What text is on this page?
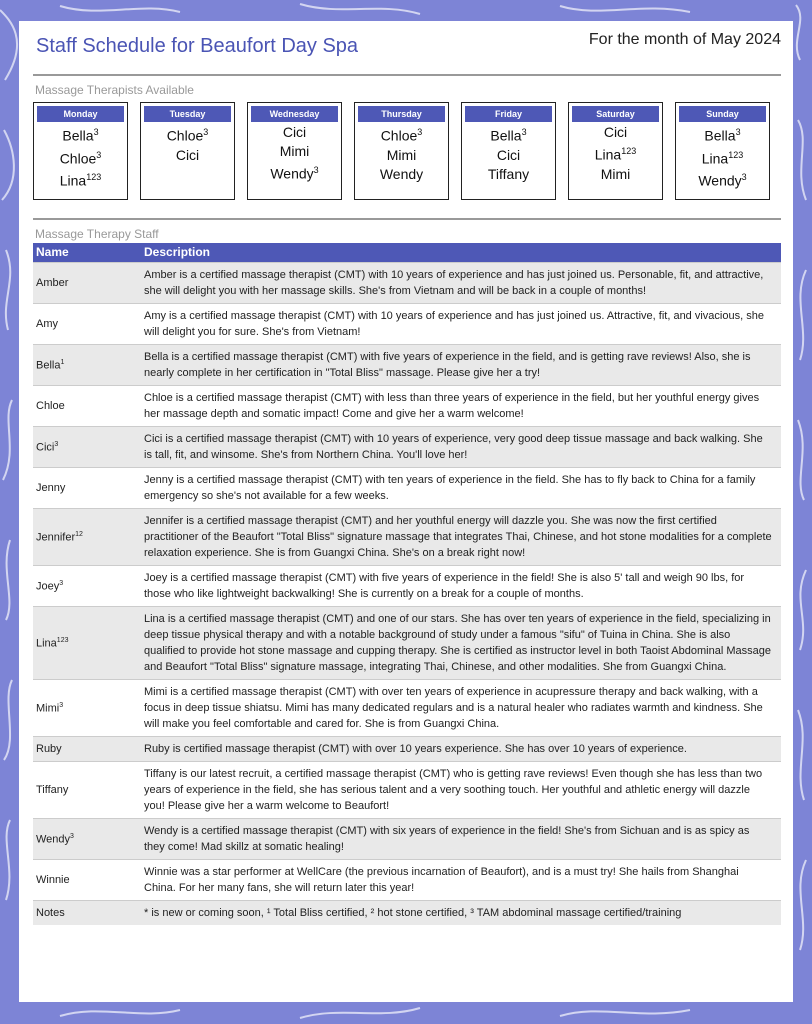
Staff Schedule for Beaufort Day Spa	For the month of May 2024
Massage Therapists Available
Monday
Bella$^3$
Chloe$^3$
Lina$^{123}$
Tuesday
Chloe$^3$
Cici
Wednesday
Cici
Mimi
Wendy$^3$
Thursday
Chloe$^3$
Mimi
Wendy
Friday
Bella$^3$
Cici
Tiffany
Saturday
Cici
Lina$^{123}$
Mimi
Sunday
Bella$^3$
Lina$^{123}$
Wendy$^3$
Massage Therapy Staff
Name	Description
Amber	Amber is a certified massage therapist (CMT) with 10 years of experience and has just joined us. Personable, fit, and attractive, she will delight you with her massage skills. She's from Vietnam and will be back in a couple of months!
Amy	Amy is a certified massage therapist (CMT) with 10 years of experience and has just joined us. Attractive, fit, and vivacious, she will delight you for sure. She's from Vietnam!
Bella$^1$	Bella is a certified massage therapist (CMT) with five years of experience in the field, and is getting rave reviews! Also, she is nearly complete in her certification in "Total Bliss" massage. Please give her a try!
Chloe	Chloe is a certified massage therapist (CMT) with less than three years of experience in the field, but her youthful energy gives her massage depth and somatic impact! Come and give her a warm welcome!
Cici$^3$	Cici is a certified massage therapist (CMT) with 10 years of experience, very good deep tissue massage and back walking. She is tall, fit, and winsome. She's from Northern China. You'll love her!
Jenny	Jenny is a certified massage therapist (CMT) with ten years of experience in the field. She has to fly back to China for a family emergency so she's not available for a few weeks.
Jennifer$^{12}$	Jennifer is a certified massage therapist (CMT) and her youthful energy will dazzle you. She was now the first certified practitioner of the Beaufort "Total Bliss" signature massage that integrates Thai, Chinese, and hot stone modalities for a complete relaxation experience. She is from Guangxi China. She's on a break right now!
Joey$^3$	Joey is a certified massage therapist (CMT) with five years of experience in the field! She is also 5' tall and weigh 90 lbs, for those who like lightweight backwalking! She is currently on a break for a couple of months.
Lina$^{123}$	Lina is a certified massage therapist (CMT) and one of our stars. She has over ten years of experience in the field, specializing in deep tissue physical therapy and with a notable background of study under a famous "sifu" of Tuina in China. She is also qualified to provide hot stone massage and cupping therapy. She is certified as instructor level in both Taoist Abdominal Massage and Beaufort "Total Bliss" signature massage, integrating Thai, Chinese, and other modalities. She from Guangxi China.
Mimi$^3$	Mimi is a certified massage therapist (CMT) with over ten years of experience in acupressure therapy and back walking, with a focus in deep tissue shiatsu. Mimi has many dedicated regulars and is a natural healer who radiates warmth and kindness. She will make you feel comfortable and cared for. She is from Guangxi China.
Ruby	Ruby is certified massage therapist (CMT) with over 10 years experience. She has over 10 years of experience.
Tiffany	Tiffany is our latest recruit, a certified massage therapist (CMT) who is getting rave reviews! Even though she has less than two years of experience in the field, she has serious talent and a very soothing touch. Her youthful and athletic energy will dazzle you! Please give her a warm welcome to Beaufort!
Wendy$^3$	Wendy is a certified massage therapist (CMT) with six years of experience in the field! She's from Sichuan and is as spicy as they come! Mad skillz at somatic healing!
Winnie	Winnie was a star performer at WellCare (the previous incarnation of Beaufort), and is a must try! She hails from Shanghai China. For her many fans, she will return later this year!
Notes	* is new or coming soon, ¹ Total Bliss certified, ² hot stone certified, ³ TAM abdominal massage certified/training
